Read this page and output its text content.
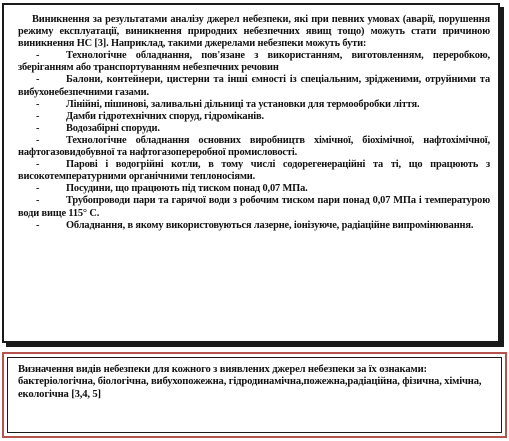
Виникнення за результатами аналізу джерел небезпеки, які при певних умовах (аварії, порушення режиму експлуатації, виникнення природних небезпечних явищ тощо) можуть стати причиною виникнення НС [3]. Наприклад, такими джерелами небезпеки можуть бути:

-	Технологічне обладнання, пов'язане з використанням, виготовленням, переробкою, зберіганням або транспортуванням небезпечних речовин

-	Балони, контейнери, цистерни та інші ємності із спеціальним, зрідженими, отруйними та вибухонебезпечними газами.

-	Лінійні, пішинові, заливальні дільниці та установки для термообробки ліття.

-	Дамби гідротехнічних споруд, гідроміканів.

-	Водозабірні споруди.

-	Технологічне обладнання основних виробництв хімічної, біохімічної, нафтохімічної, нафтогазовидобувної та нафтогазопереробної промисловості.

-	Парові і водогрійні котли, в тому числі содорегенераційні та ті, що працюють з високотемпературними органічними теплоносіями.

-	Посудини, що працюють під тиском понад 0,07 МПа.

-	Трубопроводи пари та гарячої води з робочим тиском пари понад 0,07 МПа і температурою води вище 115° С.

-	Обладнання, в якому використовуються лазерне, іонізуюче, радіаційне випромінювання.

Визначення видів небезпеки для кожного з виявлених джерел небезпеки за їх ознаками:

бактеріологічна, біологічна, вибухопожежна, гідродинамічна,пожежна,радіаційна, фізична, хімічна, екологічна [3,4, 5]
